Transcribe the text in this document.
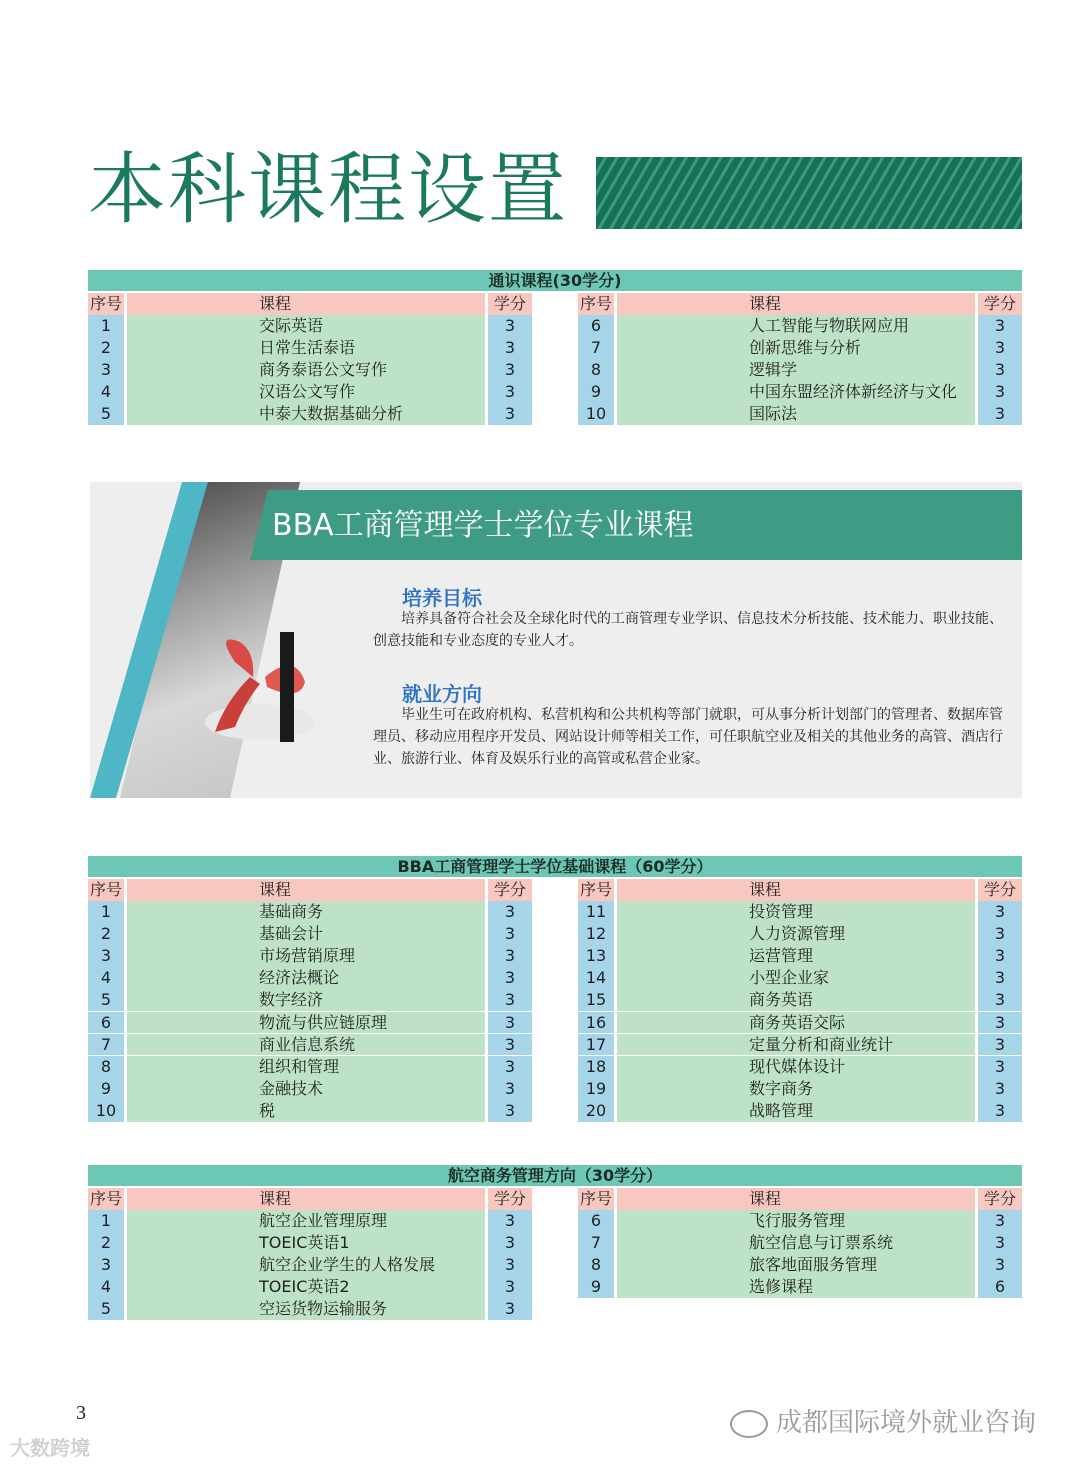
本科课程设置
通识课程(30学分)
序号	课程	学分
1	交际英语	3
2	日常生活泰语	3
3	商务泰语公文写作	3
4	汉语公文写作	3
5	中泰大数据基础分析	3
序号	课程	学分
6	人工智能与物联网应用	3
7	创新思维与分析	3
8	逻辑学	3
9	中国东盟经济体新经济与文化	3
10	国际法	3
BBA工商管理学士学位专业课程
培养目标
培养具备符合社会及全球化时代的工商管理专业学识、信息技术分析技能、技术能力、职业技能、创意技能和专业态度的专业人才。
就业方向
毕业生可在政府机构、私营机构和公共机构等部门就职，可从事分析计划部门的管理者、数据库管理员、移动应用程序开发员、网站设计师等相关工作，可任职航空业及相关的其他业务的高管、酒店行业、旅游行业、体育及娱乐行业的高管或私营企业家。
BBA工商管理学士学位基础课程（60学分）
序号	课程	学分
1	基础商务	3
2	基础会计	3
3	市场营销原理	3
4	经济法概论	3
5	数字经济	3
6	物流与供应链原理	3
7	商业信息系统	3
8	组织和管理	3
9	金融技术	3
10	税	3
序号	课程	学分
11	投资管理	3
12	人力资源管理	3
13	运营管理	3
14	小型企业家	3
15	商务英语	3
16	商务英语交际	3
17	定量分析和商业统计	3
18	现代媒体设计	3
19	数字商务	3
20	战略管理	3
航空商务管理方向（30学分）
序号	课程	学分
1	航空企业管理原理	3
2	TOEIC英语1	3
3	航空企业学生的人格发展	3
4	TOEIC英语2	3
5	空运货物运输服务	3
序号	课程	学分
6	飞行服务管理	3
7	航空信息与订票系统	3
8	旅客地面服务管理	3
9	选修课程	6
3
大数跨境
成都国际境外就业咨询
